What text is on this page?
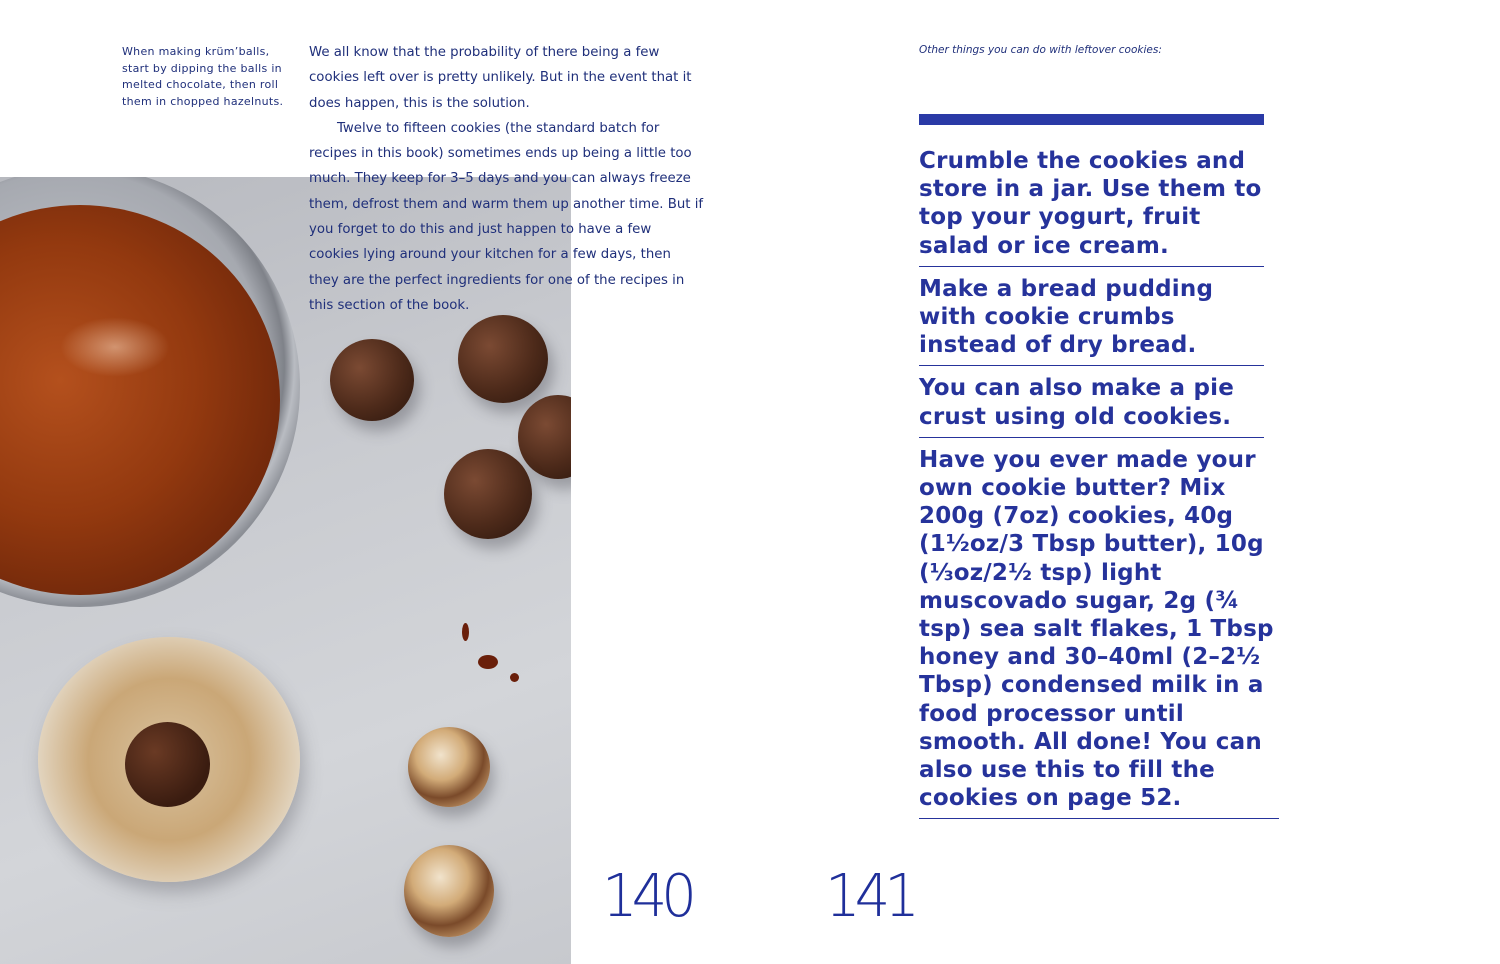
When making krüm’balls, start by dipping the balls in melted chocolate, then roll them in chopped hazelnuts.

We all know that the probability of there being a few cookies left over is pretty unlikely. But in the event that it does happen, this is the solution.

Twelve to fifteen cookies (the standard batch for recipes in this book) sometimes ends up being a little too much. They keep for 3–5 days and you can always freeze them, defrost them and warm them up another time. But if you forget to do this and just happen to have a few cookies lying around your kitchen for a few days, then they are the perfect ingredients for one of the recipes in this section of the book.

140 141
Other things you can do with leftover cookies:
Crumble the cookies and store in a jar. Use them to top your yogurt, fruit salad or ice cream.
Make a bread pudding with cookie crumbs instead of dry bread.
You can also make a pie crust using old cookies.
Have you ever made your own cookie butter? Mix 200g (7oz) cookies, 40g (1½oz/3 Tbsp butter), 10g (⅓oz/2½ tsp) light muscovado sugar, 2g (¾ tsp) sea salt flakes, 1 Tbsp honey and 30–40ml (2–2½ Tbsp) condensed milk in a food processor until smooth. All done! You can also use this to fill the cookies on page 52.
